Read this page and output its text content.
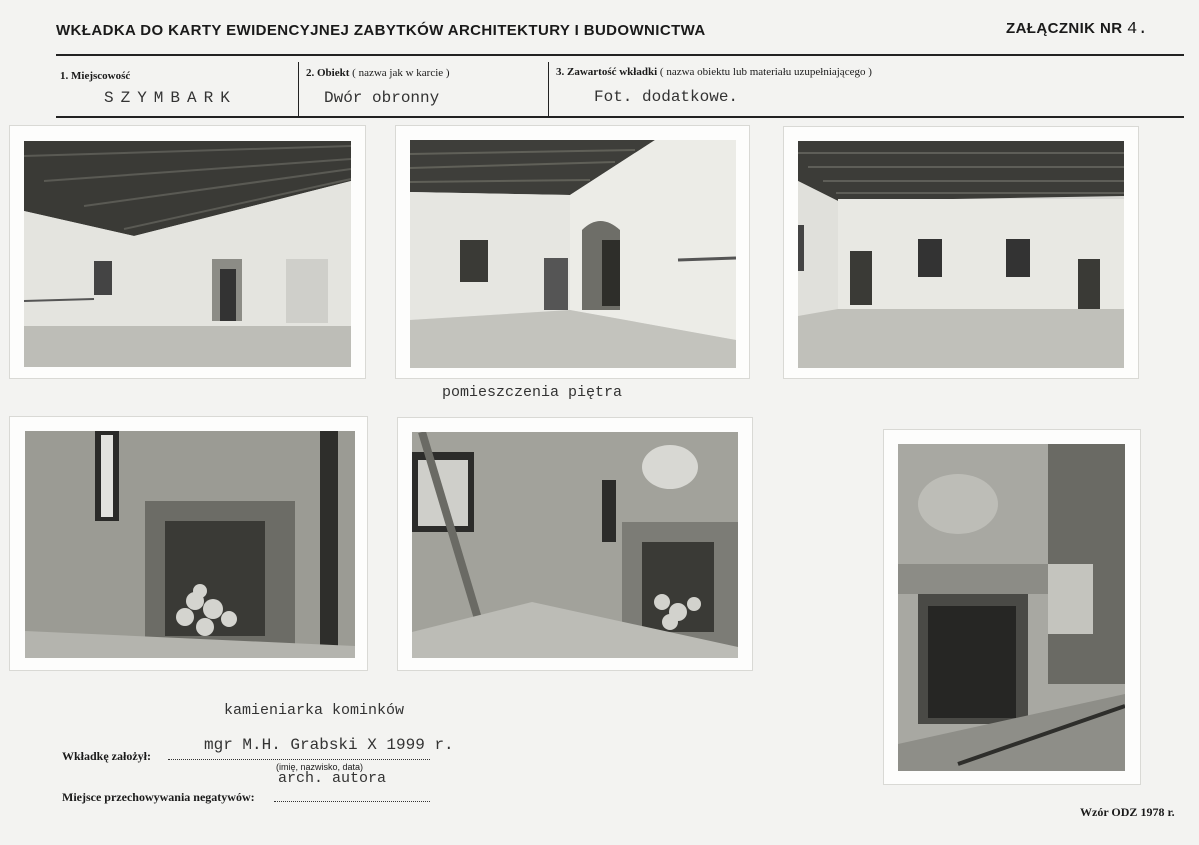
WKŁADKA DO KARTY EWIDENCYJNEJ ZABYTKÓW ARCHITEKTURY I BUDOWNICTWA	ZAŁĄCZNIK NR 4.
1. Miejscowość
SZYMBARK
2. Obiekt ( nazwa jak w karcie )
Dwór obronny
3. Zawartość wkładki ( nazwa obiektu lub materiału uzupełniającego )
Fot. dodatkowe.
pomieszczenia piętra
kamieniarka kominków
Wkładkę założył:
mgr M.H. Grabski X 1999 r.
(imię, nazwisko, data)
arch. autora
Miejsce przechowywania negatywów:
Wzór ODZ 1978 r.
